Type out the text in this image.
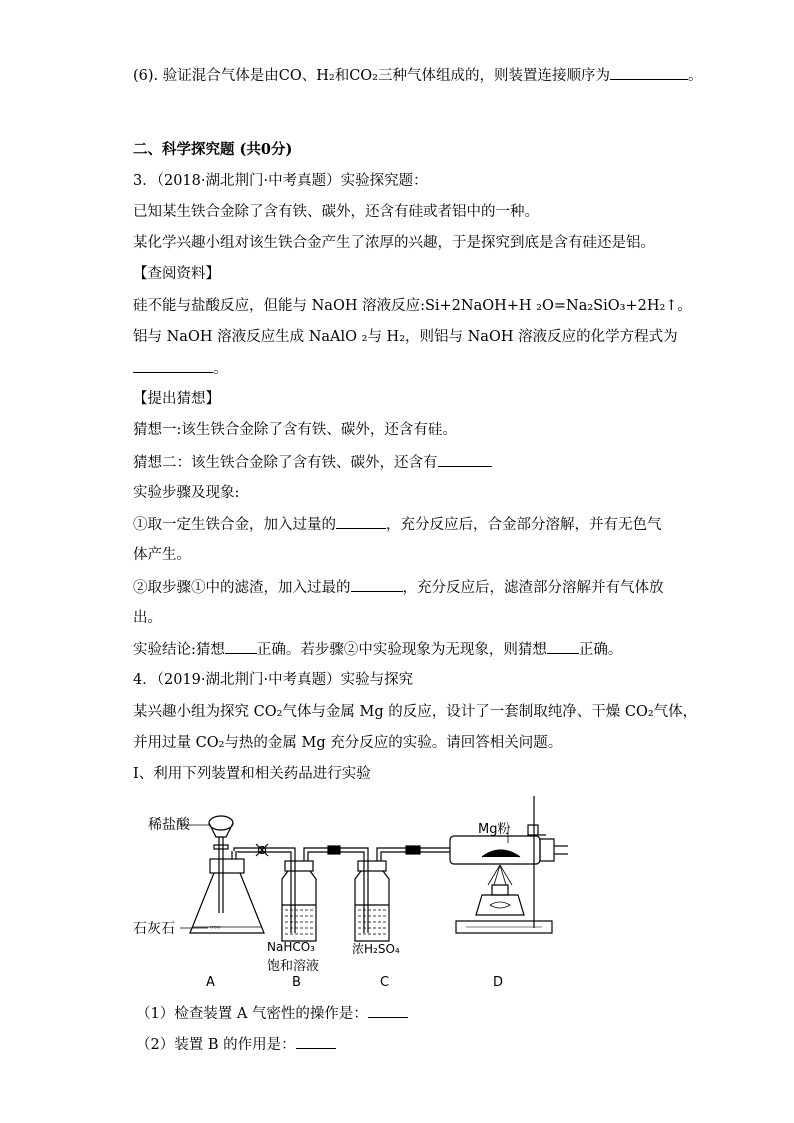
(6). 验证混合气体是由CO、H₂和CO₂三种气体组成的，则装置连接顺序为	。
二、科学探究题 (共0分)
3．（2018·湖北荆门·中考真题）实验探究题：
已知某生铁合金除了含有铁、碳外，还含有硅或者铝中的一种。
某化学兴趣小组对该生铁合金产生了浓厚的兴趣，于是探究到底是含有硅还是铝。
【查阅资料】
硅不能与盐酸反应，但能与 NaOH 溶液反应:Si+2NaOH+H ₂O=Na₂SiO₃+2H₂↑。
铝与 NaOH 溶液反应生成 NaAlO ₂与 H₂，则铝与 NaOH 溶液反应的化学方程式为
。
【提出猜想】
猜想一:该生铁合金除了含有铁、碳外，还含有硅。
猜想二：该生铁合金除了含有铁、碳外，还含有
实验步骤及现象:
①取一定生铁合金，加入过量的	，充分反应后，合金部分溶解，并有无色气
体产生。
②取步骤①中的滤渣，加入过最的	，充分反应后，滤渣部分溶解并有气体放
出。
实验结论:猜想 正确。若步骤②中实验现象为无现象，则猜想 正确。
4．（2019·湖北荆门·中考真题）实验与探究
某兴趣小组为探究 CO₂气体与金属 Mg 的反应，设计了一套制取纯净、干燥 CO₂气体，
并用过量 CO₂与热的金属 Mg 充分反应的实验。请回答相关问题。
Ⅰ、利用下列装置和相关药品进行实验
ᴼᴼᴼ
稀盐酸
石灰石
Mg粉
NaHCO₃
饱和溶液
浓H₂SO₄
A	B	C	D
（1）检查装置 A 气密性的操作是：
（2）装置 B 的作用是：
